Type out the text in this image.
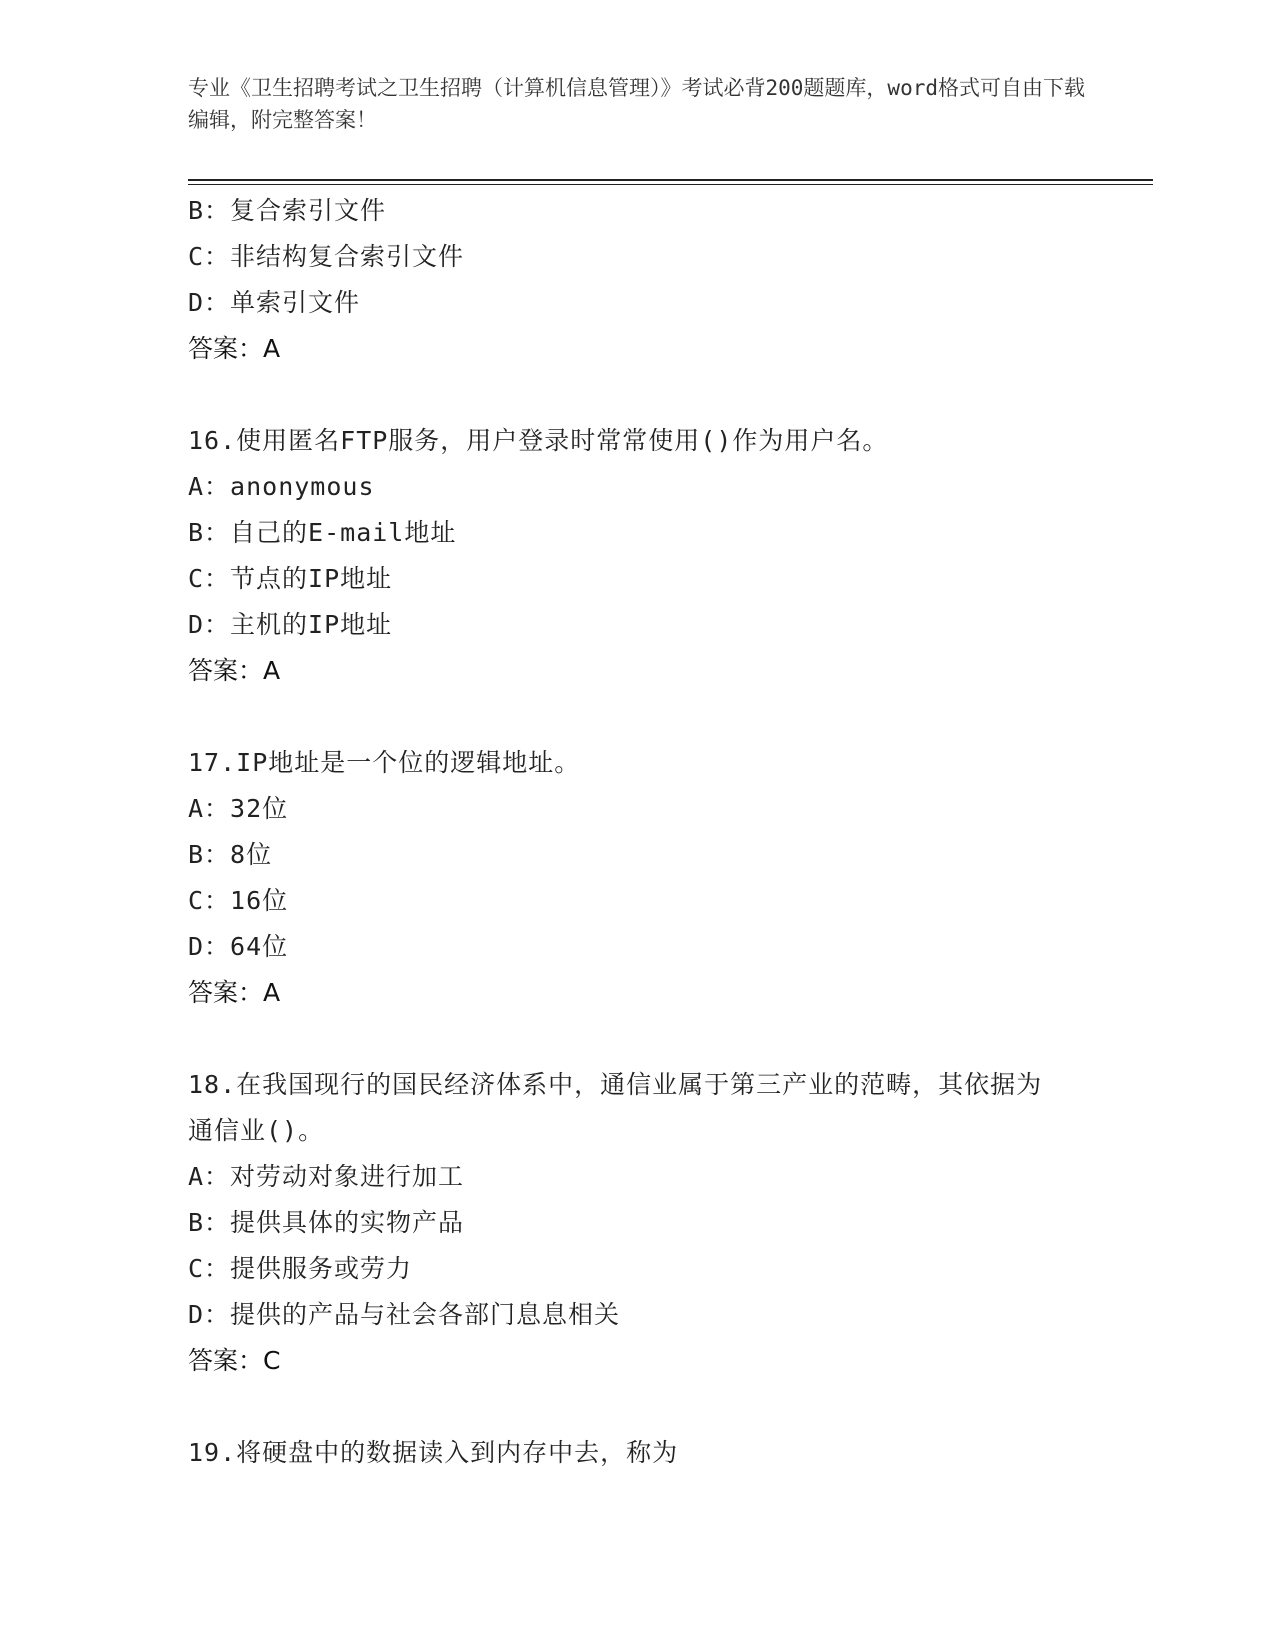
专业《卫生招聘考试之卫生招聘（计算机信息管理）》考试必背200题题库，word格式可自由下载编辑，附完整答案！
B：复合索引文件
C：非结构复合索引文件
D：单索引文件
答案：A
16.使用匿名FTP服务，用户登录时常常使用()作为用户名。
A：anonymous
B：自己的E-mail地址
C：节点的IP地址
D：主机的IP地址
答案：A
17.IP地址是一个位的逻辑地址。
A：32位
B：8位
C：16位
D：64位
答案：A
18.在我国现行的国民经济体系中，通信业属于第三产业的范畴，其依据为通信业()。
A：对劳动对象进行加工
B：提供具体的实物产品
C：提供服务或劳力
D：提供的产品与社会各部门息息相关
答案：C
19.将硬盘中的数据读入到内存中去，称为
